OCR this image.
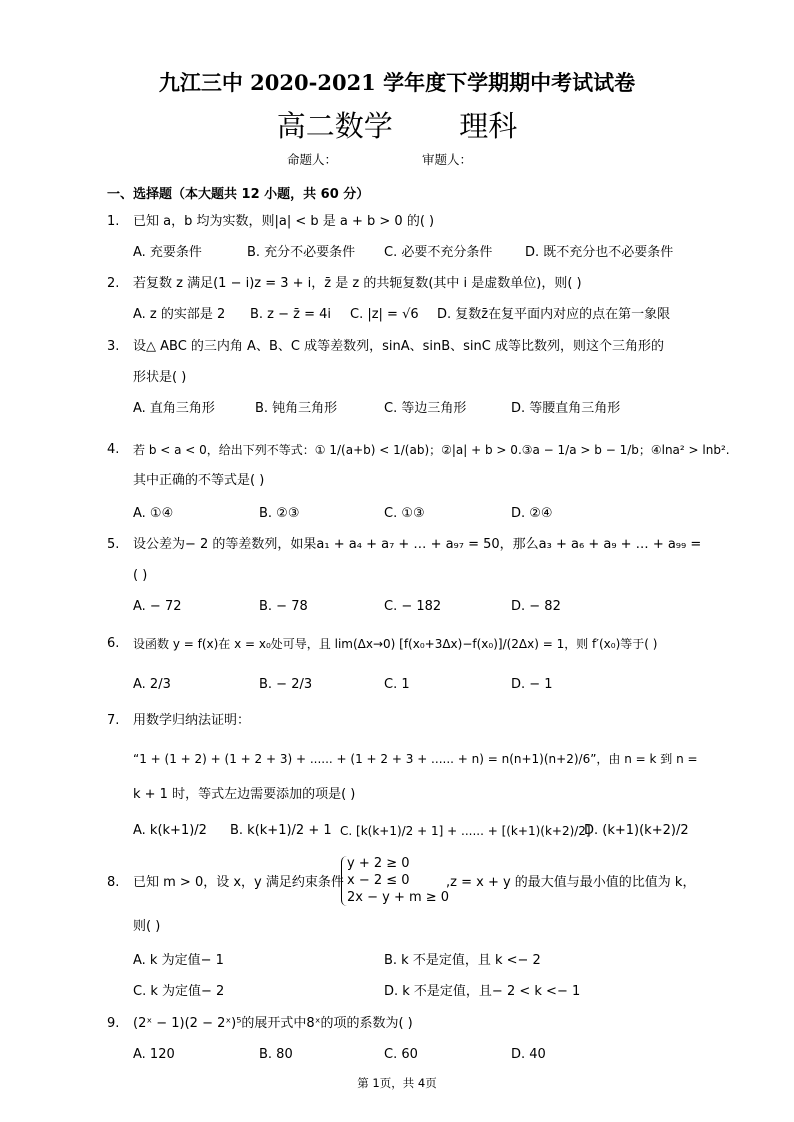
九江三中 2020-2021 学年度下学期期中考试试卷
高二数学 理科
命题人：	审题人：
一、选择题（本大题共 12 小题，共 60 分）
1. 已知 a，b 均为实数，则|a| < b 是 a + b > 0 的( )
A. 充要条件	B. 充分不必要条件 C. 必要不充分条件	D. 既不充分也不必要条件
2. 若复数 z 满足(1 − i)z = 3 + i，z̄ 是 z 的共轭复数(其中 i 是虚数单位)，则( )
A. z 的实部是 2 B. z − z̄ = 4i C. |z| = √6 D. 复数z̄在复平面内对应的点在第一象限
3. 设△ ABC 的三内角 A、B、C 成等差数列，sinA、sinB、sinC 成等比数列，则这个三角形的
形状是( )
A. 直角三角形	B. 钝角三角形	C. 等边三角形	D. 等腰直角三角形
4. 若 b < a < 0，给出下列不等式：① 1/(a+b) < 1/(ab)；②|a| + b > 0.③a − 1/a > b − 1/b；④lna² > lnb².
其中正确的不等式是( )
A. ①④	B. ②③	C. ①③	D. ②④
5. 设公差为− 2 的等差数列，如果a₁ + a₄ + a₇ + … + a₉₇ = 50，那么a₃ + a₆ + a₉ + … + a₉₉ =
( )
A. − 72	B. − 78	C. − 182	D. − 82
6. 设函数 y = f(x)在 x = x₀处可导，且 lim(Δx→0) [f(x₀+3Δx)−f(x₀)]/(2Δx) = 1，则 f′(x₀)等于( )
A. 2/3	B. − 2/3	C. 1	D. − 1
7. 用数学归纳法证明：
“1 + (1 + 2) + (1 + 2 + 3) + ...... + (1 + 2 + 3 + ...... + n) = n(n+1)(n+2)/6”，由 n = k 到 n =
k + 1 时，等式左边需要添加的项是( )
A. k(k+1)/2 B. k(k+1)/2 + 1 C. [k(k+1)/2 + 1] + ...... + [(k+1)(k+2)/2]
D. (k+1)(k+2)/2
8. 已知 m > 0，设 x，y 满足约束条件
y + 2 ≥ 0
x − 2 ≤ 0
2x − y + m ≥ 0
,z = x + y 的最大值与最小值的比值为 k，
则( )
A. k 为定值− 1	B. k 不是定值，且 k <− 2
C. k 为定值− 2	D. k 不是定值，且− 2 < k <− 1
9. (2ˣ − 1)(2 − 2ˣ)⁵的展开式中8ˣ的项的系数为( )
A. 120	B. 80	C. 60	D. 40
第 1页，共 4页
